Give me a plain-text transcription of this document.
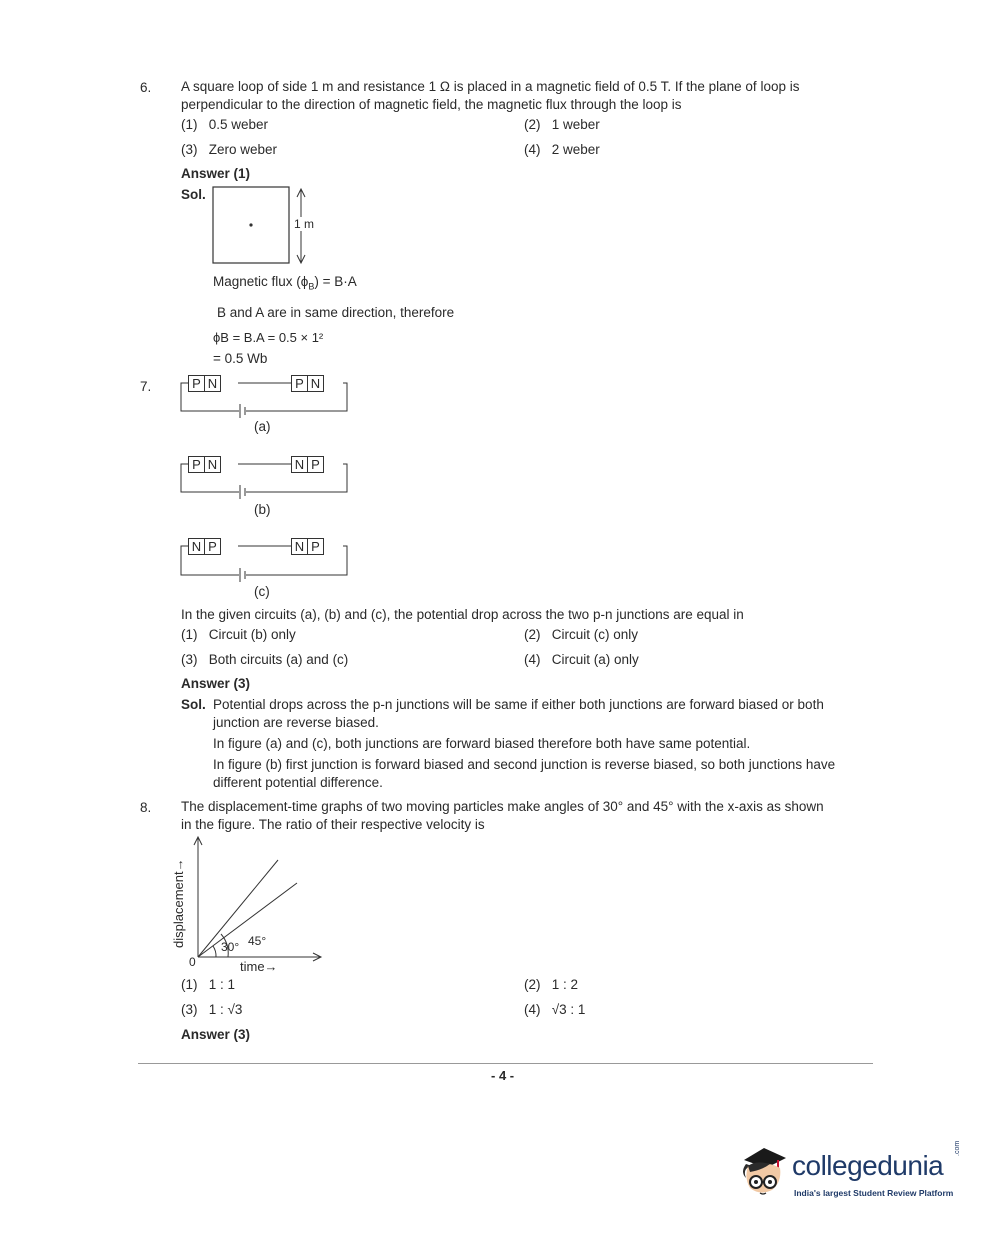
6. A square loop of side 1 m and resistance 1 Ω is placed in a magnetic field of 0.5 T. If the plane of loop is
perpendicular to the direction of magnetic field, the magnetic flux through the loop is
(1) 0.5 weber	(2) 1 weber
(3) Zero weber	(4) 2 weber
Answer (1)
Sol.
1 m
Magnetic flux $(\phi_B) = B\cdot A$
B and A are in same direction, therefore
ϕB = B.A = 0.5 × 1²
= 0.5 Wb
7.	P N	P N
(a)
P N	N P
(b)
N P	N P
(c)
In the given circuits (a), (b) and (c), the potential drop across the two p-n junctions are equal in
(1) Circuit (b) only	(2) Circuit (c) only
(3) Both circuits (a) and (c)	(4) Circuit (a) only
Answer (3)
Sol. Potential drops across the p-n junctions will be same if either both junctions are forward biased or both
junction are reverse biased.
In figure (a) and (c), both junctions are forward biased therefore both have same potential.
In figure (b) first junction is forward biased and second junction is reverse biased, so both junctions have
different potential difference.
8. The displacement-time graphs of two moving particles make angles of 30° and 45° with the x-axis as shown
in the figure. The ratio of their respective velocity is
displacement→
0
30° 45°
time→
(1) 1 : 1	(2) 1 : 2
(3) 1 : √3	(4) √3 : 1
Answer (3)
- 4 -
collegedunia
.com
India's largest Student Review Platform
